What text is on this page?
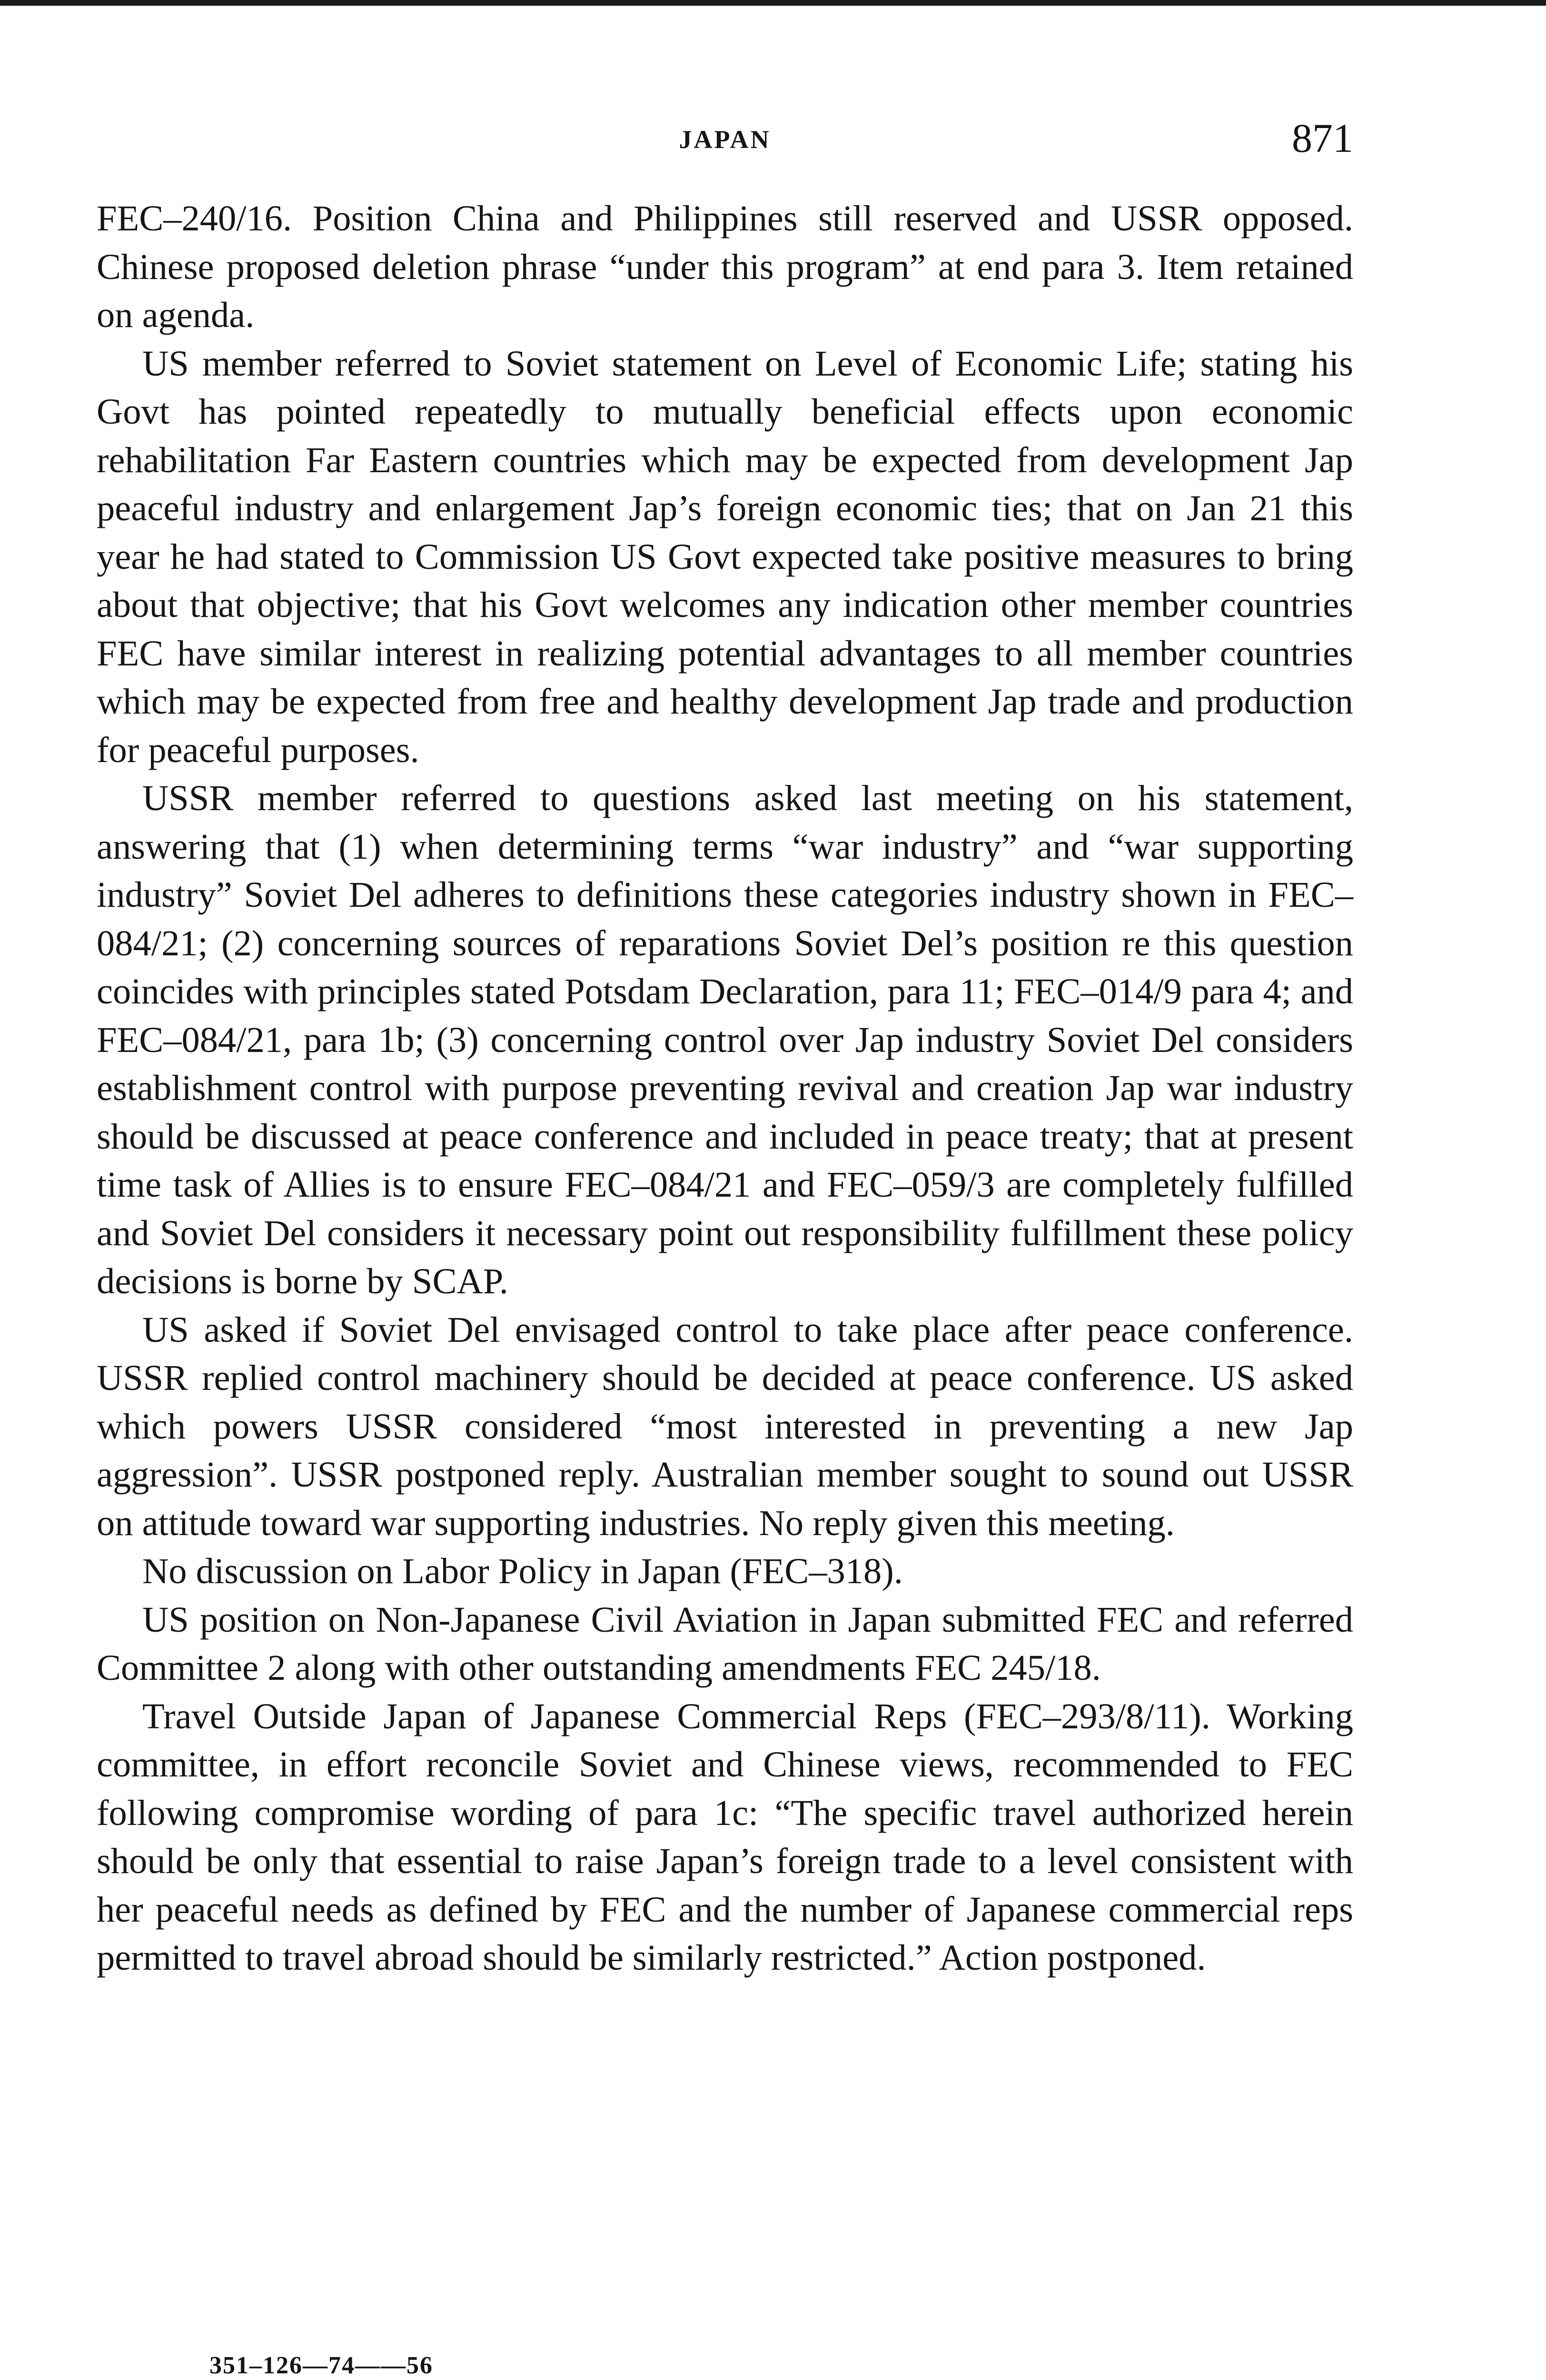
JAPAN	871

FEC–240/16. Position China and Philippines still reserved and USSR opposed. Chinese proposed deletion phrase “under this program” at end para 3. Item retained on agenda.

US member referred to Soviet statement on Level of Economic Life; stating his Govt has pointed repeatedly to mutually beneficial effects upon economic rehabilitation Far Eastern countries which may be expected from development Jap peaceful industry and enlargement Jap’s foreign economic ties; that on Jan 21 this year he had stated to Commission US Govt expected take positive measures to bring about that objective; that his Govt welcomes any indication other member countries FEC have similar interest in realizing potential advantages to all member countries which may be expected from free and healthy development Jap trade and production for peaceful purposes.

USSR member referred to questions asked last meeting on his statement, answering that (1) when determining terms “war industry” and “war supporting industry” Soviet Del adheres to definitions these categories industry shown in FEC–084/21; (2) concerning sources of reparations Soviet Del’s position re this question coincides with principles stated Potsdam Declaration, para 11; FEC–014/9 para 4; and FEC–084/21, para 1b; (3) concerning control over Jap industry Soviet Del considers establishment control with purpose preventing revival and creation Jap war industry should be discussed at peace conference and included in peace treaty; that at present time task of Allies is to ensure FEC–084/21 and FEC–059/3 are completely fulfilled and Soviet Del considers it necessary point out responsibility fulfillment these policy decisions is borne by SCAP.

US asked if Soviet Del envisaged control to take place after peace conference. USSR replied control machinery should be decided at peace conference. US asked which powers USSR considered “most interested in preventing a new Jap aggression”. USSR postponed reply. Australian member sought to sound out USSR on attitude toward war supporting industries. No reply given this meeting.

No discussion on Labor Policy in Japan (FEC–318).

US position on Non-Japanese Civil Aviation in Japan submitted FEC and referred Committee 2 along with other outstanding amendments FEC 245/18.

Travel Outside Japan of Japanese Commercial Reps (FEC–293/8/11). Working committee, in effort reconcile Soviet and Chinese views, recommended to FEC following compromise wording of para 1c: “The specific travel authorized herein should be only that essential to raise Japan’s foreign trade to a level consistent with her peaceful needs as defined by FEC and the number of Japanese commercial reps permitted to travel abroad should be similarly restricted.” Action postponed.

351–126—74——56
